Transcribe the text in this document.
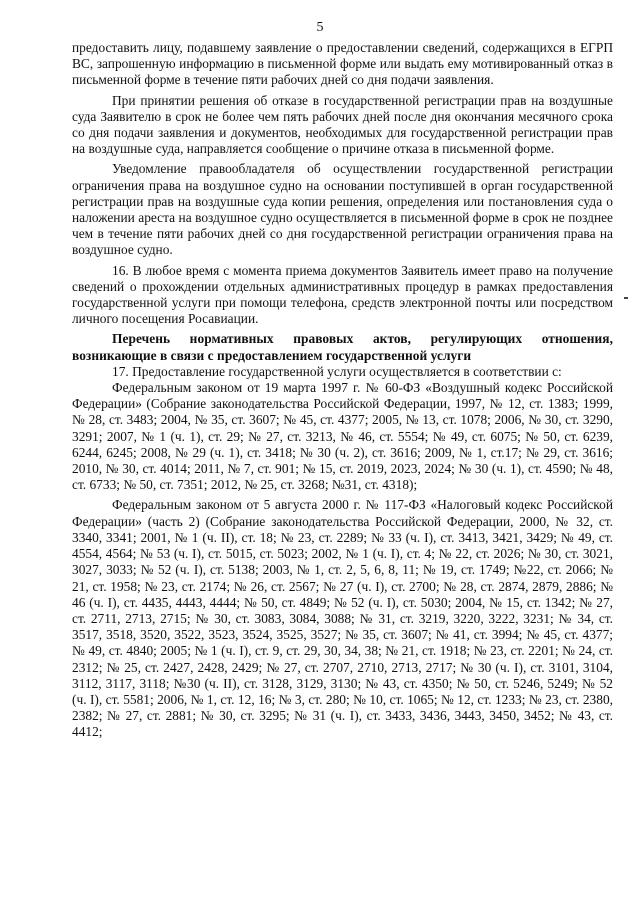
5

предоставить лицу, подавшему заявление о предоставлении сведений, содержащихся в ЕГРП ВС, запрошенную информацию в письменной форме или выдать ему мотивированный отказ в письменной форме в течение пяти рабочих дней со дня подачи заявления.

При принятии решения об отказе в государственной регистрации прав на воздушные суда Заявителю в срок не более чем пять рабочих дней после дня окончания месячного срока со дня подачи заявления и документов, необходимых для государственной регистрации прав на воздушные суда, направляется сообщение о причине отказа в письменной форме.

Уведомление правообладателя об осуществлении государственной регистрации ограничения права на воздушное судно на основании поступившей в орган государственной регистрации прав на воздушные суда копии решения, определения или постановления суда о наложении ареста на воздушное судно осуществляется в письменной форме в срок не позднее чем в течение пяти рабочих дней со дня государственной регистрации ограничения права на воздушное судно.

16. В любое время с момента приема документов Заявитель имеет право на получение сведений о прохождении отдельных административных процедур в рамках предоставления государственной услуги при помощи телефона, средств электронной почты или посредством личного посещения Росавиации.

Перечень нормативных правовых актов, регулирующих отношения, возникающие в связи с предоставлением государственной услуги

17. Предоставление государственной услуги осуществляется в соответствии с:

Федеральным законом от 19 марта 1997 г. № 60-ФЗ «Воздушный кодекс Российской Федерации» (Собрание законодательства Российской Федерации, 1997, № 12, ст. 1383; 1999, № 28, ст. 3483; 2004, № 35, ст. 3607; № 45, ст. 4377; 2005, № 13, ст. 1078; 2006, № 30, ст. 3290, 3291; 2007, № 1 (ч. 1), ст. 29; № 27, ст. 3213, № 46, ст. 5554; № 49, ст. 6075; № 50, ст. 6239, 6244, 6245; 2008, № 29 (ч. 1), ст. 3418; № 30 (ч. 2), ст. 3616; 2009, № 1, ст.17; № 29, ст. 3616; 2010, № 30, ст. 4014; 2011, № 7, ст. 901; № 15, ст. 2019, 2023, 2024; № 30 (ч. 1), ст. 4590; № 48, ст. 6733; № 50, ст. 7351; 2012, № 25, ст. 3268; №31, ст. 4318);

Федеральным законом от 5 августа 2000 г. № 117-ФЗ «Налоговый кодекс Российской Федерации» (часть 2) (Собрание законодательства Российской Федерации, 2000, № 32, ст. 3340, 3341; 2001, № 1 (ч. II), ст. 18; № 23, ст. 2289; № 33 (ч. I), ст. 3413, 3421, 3429; № 49, ст. 4554, 4564; № 53 (ч. I), ст. 5015, ст. 5023; 2002, № 1 (ч. I), ст. 4; № 22, ст. 2026; № 30, ст. 3021, 3027, 3033; № 52 (ч. I), ст. 5138; 2003, № 1, ст. 2, 5, 6, 8, 11; № 19, ст. 1749; №22, ст. 2066; № 21, ст. 1958; № 23, ст. 2174; № 26, ст. 2567; № 27 (ч. I), ст. 2700; № 28, ст. 2874, 2879, 2886; № 46 (ч. I), ст. 4435, 4443, 4444; № 50, ст. 4849; № 52 (ч. I), ст. 5030; 2004, № 15, ст. 1342; № 27, ст. 2711, 2713, 2715; № 30, ст. 3083, 3084, 3088; № 31, ст. 3219, 3220, 3222, 3231; № 34, ст. 3517, 3518, 3520, 3522, 3523, 3524, 3525, 3527; № 35, ст. 3607; № 41, ст. 3994; № 45, ст. 4377; № 49, ст. 4840; 2005; № 1 (ч. I), ст. 9, ст. 29, 30, 34, 38; № 21, ст. 1918; № 23, ст. 2201; № 24, ст. 2312; № 25, ст. 2427, 2428, 2429; № 27, ст. 2707, 2710, 2713, 2717; № 30 (ч. I), ст. 3101, 3104, 3112, 3117, 3118; №30 (ч. II), ст. 3128, 3129, 3130; № 43, ст. 4350; № 50, ст. 5246, 5249; № 52 (ч. I), ст. 5581; 2006, № 1, ст. 12, 16; № 3, ст. 280; № 10, ст. 1065; № 12, ст. 1233; № 23, ст. 2380, 2382; № 27, ст. 2881; № 30, ст. 3295; № 31 (ч. I), ст. 3433, 3436, 3443, 3450, 3452; № 43, ст. 4412;
